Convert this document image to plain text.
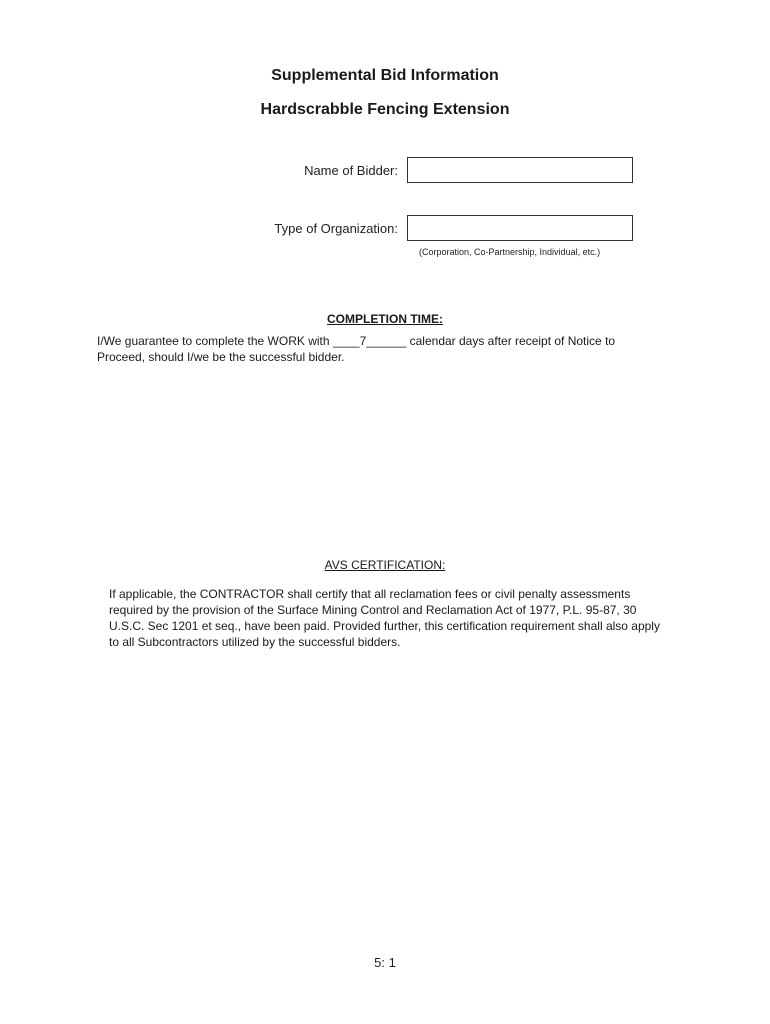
Supplemental Bid Information
Hardscrabble Fencing Extension
Name of Bidder:
Type of Organization:
(Corporation, Co-Partnership, Individual, etc.)
COMPLETION TIME:
I/We guarantee to complete the WORK with ____7______ calendar days after receipt of Notice to Proceed, should I/we be the successful bidder.
AVS CERTIFICATION:
If applicable, the CONTRACTOR shall certify that all reclamation fees or civil penalty assessments required by the provision of the Surface Mining Control and Reclamation Act of 1977, P.L. 95-87, 30 U.S.C. Sec 1201 et seq., have been paid. Provided further, this certification requirement shall also apply to all Subcontractors utilized by the successful bidders.
5: 1
